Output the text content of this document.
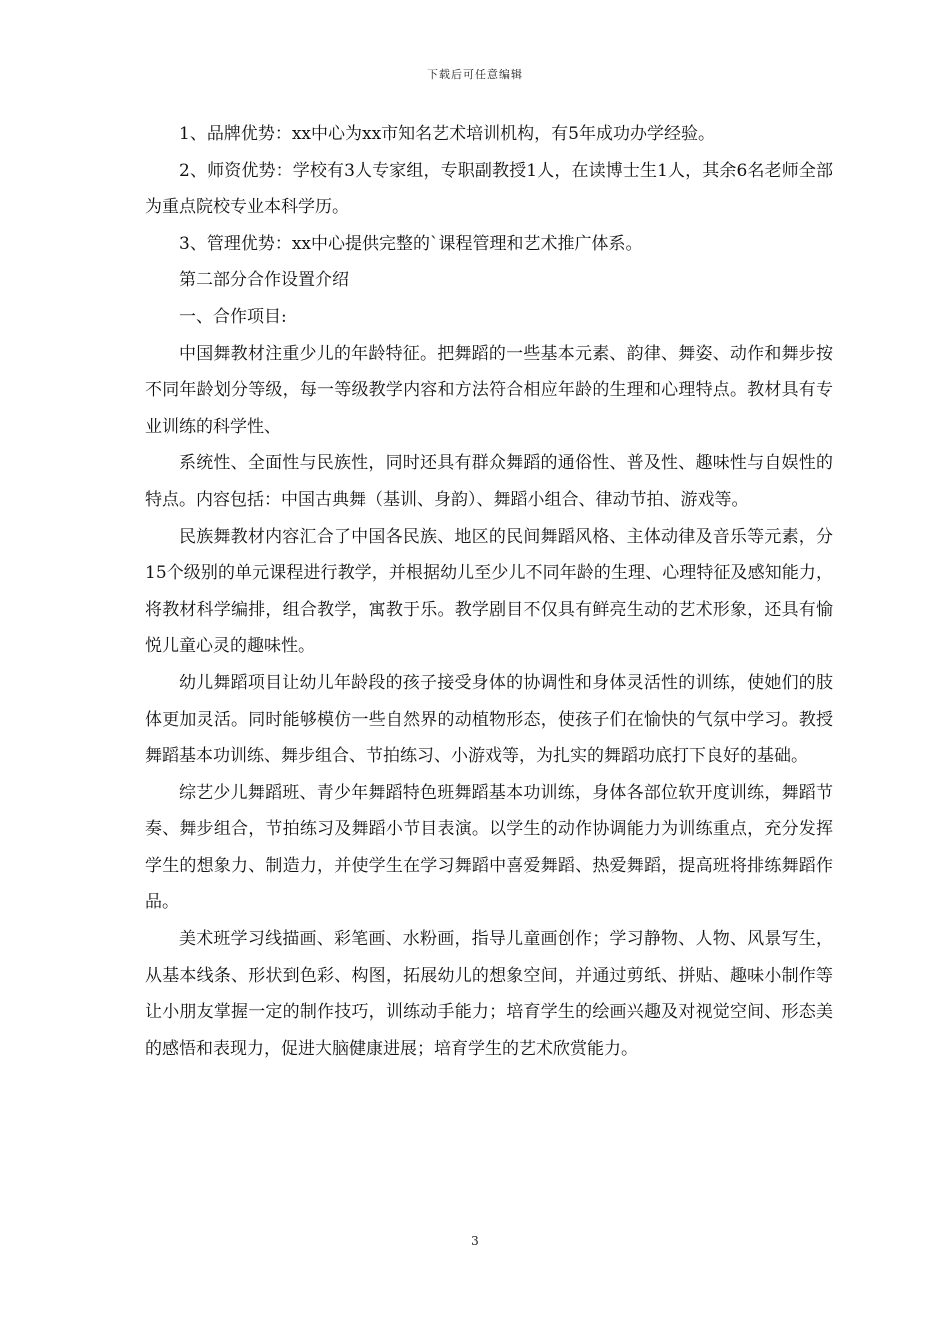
下载后可任意编辑

1、品牌优势：xx中心为xx市知名艺术培训机构，有5年成功办学经验。

2、师资优势：学校有3人专家组，专职副教授1人，在读博士生1人，其余6名老师全部为重点院校专业本科学历。

3、管理优势：xx中心提供完整的`课程管理和艺术推广体系。

第二部分合作设置介绍

一、合作项目:

中国舞教材注重少儿的年龄特征。把舞蹈的一些基本元素、韵律、舞姿、动作和舞步按不同年龄划分等级，每一等级教学内容和方法符合相应年龄的生理和心理特点。教材具有专业训练的科学性、

系统性、全面性与民族性，同时还具有群众舞蹈的通俗性、普及性、趣味性与自娱性的特点。内容包括：中国古典舞（基训、身韵）、舞蹈小组合、律动节拍、游戏等。

民族舞教材内容汇合了中国各民族、地区的民间舞蹈风格、主体动律及音乐等元素，分15个级别的单元课程进行教学，并根据幼儿至少儿不同年龄的生理、心理特征及感知能力，将教材科学编排，组合教学，寓教于乐。教学剧目不仅具有鲜亮生动的艺术形象，还具有愉悦儿童心灵的趣味性。

幼儿舞蹈项目让幼儿年龄段的孩子接受身体的协调性和身体灵活性的训练，使她们的肢体更加灵活。同时能够模仿一些自然界的动植物形态，使孩子们在愉快的气氛中学习。教授舞蹈基本功训练、舞步组合、节拍练习、小游戏等，为扎实的舞蹈功底打下良好的基础。

综艺少儿舞蹈班、青少年舞蹈特色班舞蹈基本功训练，身体各部位软开度训练，舞蹈节奏、舞步组合，节拍练习及舞蹈小节目表演。以学生的动作协调能力为训练重点，充分发挥学生的想象力、制造力，并使学生在学习舞蹈中喜爱舞蹈、热爱舞蹈，提高班将排练舞蹈作品。

美术班学习线描画、彩笔画、水粉画，指导儿童画创作；学习静物、人物、风景写生，从基本线条、形状到色彩、构图，拓展幼儿的想象空间，并通过剪纸、拼贴、趣味小制作等让小朋友掌握一定的制作技巧，训练动手能力；培育学生的绘画兴趣及对视觉空间、形态美的感悟和表现力，促进大脑健康进展；培育学生的艺术欣赏能力。

3
